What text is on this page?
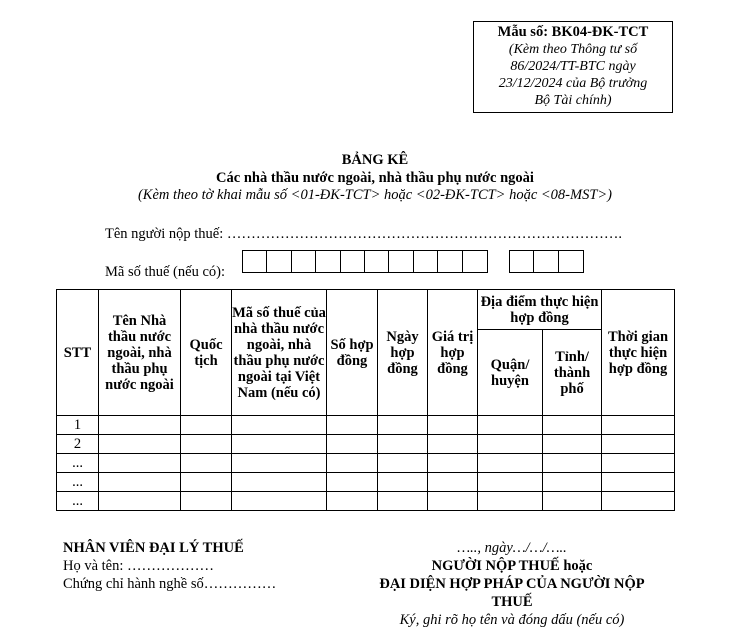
Mẫu số: BK04-ĐK-TCT
(Kèm theo Thông tư số
86/2024/TT-BTC ngày
23/12/2024 của Bộ trưởng
Bộ Tài chính)
BẢNG KÊ
Các nhà thầu nước ngoài, nhà thầu phụ nước ngoài
(Kèm theo tờ khai mẫu số <01-ĐK-TCT> hoặc <02-ĐK-TCT> hoặc <08-MST>)
Tên người nộp thuế: ……………………………………………………………………….
Mã số thuế (nếu có):
STT	Tên Nhà thầu nước ngoài, nhà thầu phụ nước ngoài	Quốc tịch	Mã số thuế của nhà thầu nước ngoài, nhà thầu phụ nước ngoài tại Việt Nam (nếu có)	Số hợp đồng	Ngày hợp đồng	Giá trị hợp đồng	Địa điểm thực hiện hợp đồng		Thời gian thực hiện hợp đồng
							Quận/ huyện	Tỉnh/ thành phố	
1									
2									
...									
...									
...									
NHÂN VIÊN ĐẠI LÝ THUẾ
Họ và tên: ………………
Chứng chỉ hành nghề số……………
….., ngày…/…/…..
NGƯỜI NỘP THUẾ hoặc
ĐẠI DIỆN HỢP PHÁP CỦA NGƯỜI NỘP
THUẾ
Ký, ghi rõ họ tên và đóng dấu (nếu có)
